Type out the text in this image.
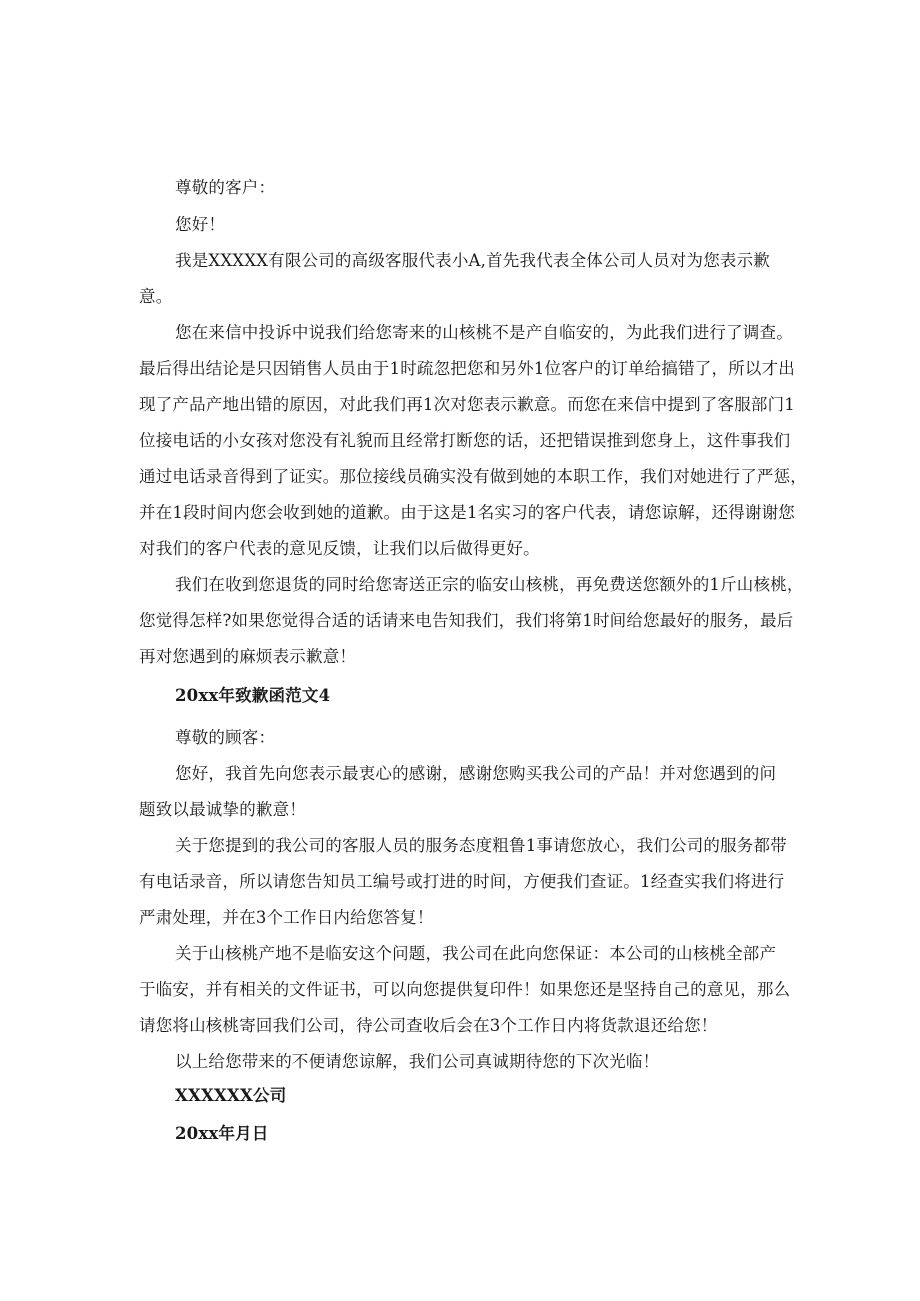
尊敬的客户：
您好！
我是XXXXX有限公司的高级客服代表小A,首先我代表全体公司人员对为您表示歉
意。
您在来信中投诉中说我们给您寄来的山核桃不是产自临安的，为此我们进行了调查。
最后得出结论是只因销售人员由于1时疏忽把您和另外1位客户的订单给搞错了，所以才出
现了产品产地出错的原因，对此我们再1次对您表示歉意。而您在来信中提到了客服部门1
位接电话的小女孩对您没有礼貌而且经常打断您的话，还把错误推到您身上，这件事我们
通过电话录音得到了证实。那位接线员确实没有做到她的本职工作，我们对她进行了严惩，
并在1段时间内您会收到她的道歉。由于这是1名实习的客户代表，请您谅解，还得谢谢您
对我们的客户代表的意见反馈，让我们以后做得更好。
我们在收到您退货的同时给您寄送正宗的临安山核桃，再免费送您额外的1斤山核桃，
您觉得怎样?如果您觉得合适的话请来电告知我们，我们将第1时间给您最好的服务，最后
再对您遇到的麻烦表示歉意！
20xx年致歉函范文4
尊敬的顾客：
您好，我首先向您表示最衷心的感谢，感谢您购买我公司的产品！并对您遇到的问
题致以最诚挚的歉意！
关于您提到的我公司的客服人员的服务态度粗鲁1事请您放心，我们公司的服务都带
有电话录音，所以请您告知员工编号或打进的时间，方便我们查证。1经查实我们将进行
严肃处理，并在3个工作日内给您答复！
关于山核桃产地不是临安这个问题，我公司在此向您保证：本公司的山核桃全部产
于临安，并有相关的文件证书，可以向您提供复印件！如果您还是坚持自己的意见，那么
请您将山核桃寄回我们公司，待公司查收后会在3个工作日内将货款退还给您！
以上给您带来的不便请您谅解，我们公司真诚期待您的下次光临！
XXXXXX公司
20xx年月日
